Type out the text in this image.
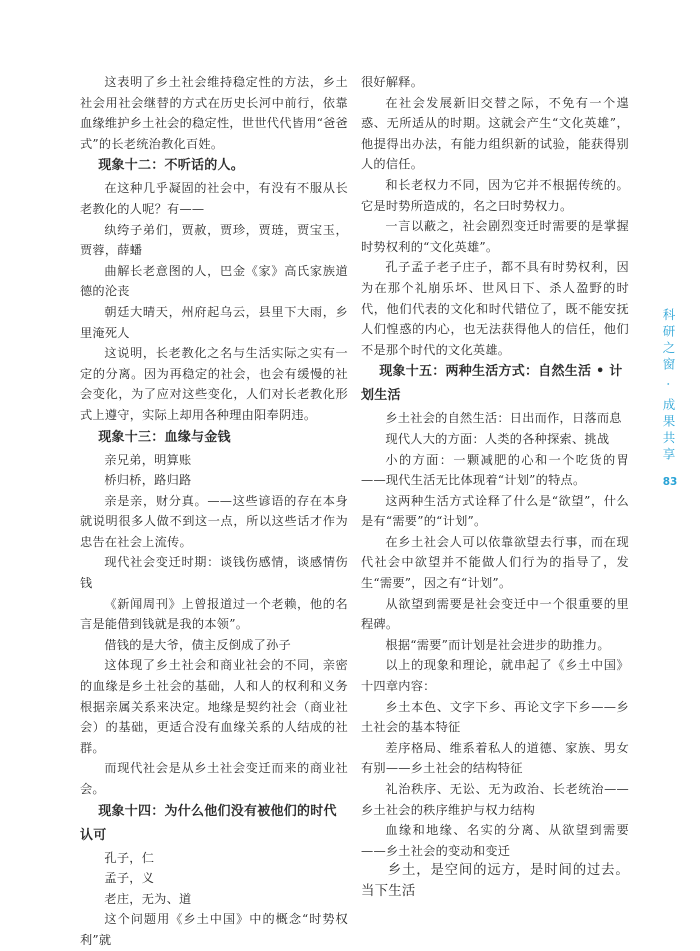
这表明了乡土社会维持稳定性的方法，乡土社会用社会继替的方式在历史长河中前行，依靠血缘维护乡土社会的稳定性，世世代代皆用“爸爸式”的长老统治教化百姓。

现象十二：不听话的人。

在这种几乎凝固的社会中，有没有不服从长老教化的人呢？有——

纨绔子弟们，贾赦，贾珍，贾琏，贾宝玉，贾蓉，薛蟠

曲解长老意图的人，巴金《家》高氏家族道德的沦丧

朝廷大晴天，州府起乌云，县里下大雨，乡里淹死人

这说明，长老教化之名与生活实际之实有一定的分离。因为再稳定的社会，也会有缓慢的社会变化，为了应对这些变化，人们对长老教化形式上遵守，实际上却用各种理由阳奉阴违。

现象十三：血缘与金钱

亲兄弟，明算账

桥归桥，路归路

亲是亲，财分真。——这些谚语的存在本身就说明很多人做不到这一点，所以这些话才作为忠告在社会上流传。

现代社会变迁时期：谈钱伤感情，谈感情伤钱

《新闻周刊》上曾报道过一个老赖，他的名言是能借到钱就是我的本领”。

借钱的是大爷，债主反倒成了孙子

这体现了乡土社会和商业社会的不同，亲密的血缘是乡土社会的基础，人和人的权利和义务根据亲属关系来决定。地缘是契约社会（商业社会）的基础，更适合没有血缘关系的人结成的社群。

而现代社会是从乡土社会变迁而来的商业社会。

现象十四：为什么他们没有被他们的时代认可

孔子，仁

孟子，义

老庄，无为、道

这个问题用《乡土中国》中的概念“时势权利”就

很好解释。

在社会发展新旧交替之际，不免有一个遑惑、无所适从的时期。这就会产生“文化英雄”，他提得出办法，有能力组织新的试验，能获得别人的信任。

和长老权力不同，因为它并不根据传统的。它是时势所造成的，名之曰时势权力。

一言以蔽之，社会剧烈变迁时需要的是掌握时势权利的“文化英雄”。

孔子孟子老子庄子，都不具有时势权利，因为在那个礼崩乐坏、世风日下、杀人盈野的时代，他们代表的文化和时代错位了，既不能安抚人们惶惑的内心，也无法获得他人的信任，他们不是那个时代的文化英雄。

现象十五：两种生活方式：自然生活 • 计划生活

乡土社会的自然生活：日出而作，日落而息

现代人大的方面：人类的各种探索、挑战

小的方面：一颗减肥的心和一个吃货的胃——现代生活无比体现着“计划”的特点。

这两种生活方式诠释了什么是“欲望”，什么是有“需要”的“计划”。

在乡土社会人可以依靠欲望去行事，而在现代社会中欲望并不能做人们行为的指导了，发生“需要”，因之有“计划”。

从欲望到需要是社会变迁中一个很重要的里程碑。

根据“需要”而计划是社会进步的助推力。

以上的现象和理论，就串起了《乡土中国》十四章内容：

乡土本色、文字下乡、再论文字下乡——乡土社会的基本特征

差序格局、维系着私人的道德、家族、男女有别——乡土社会的结构特征

礼治秩序、无讼、无为政治、长老统治——乡土社会的秩序维护与权力结构

血缘和地缘、名实的分离、从欲望到需要——乡土社会的变动和变迁

乡土，是空间的远方，是时间的过去。当下生活

科研之窗 · 成果共享
83
